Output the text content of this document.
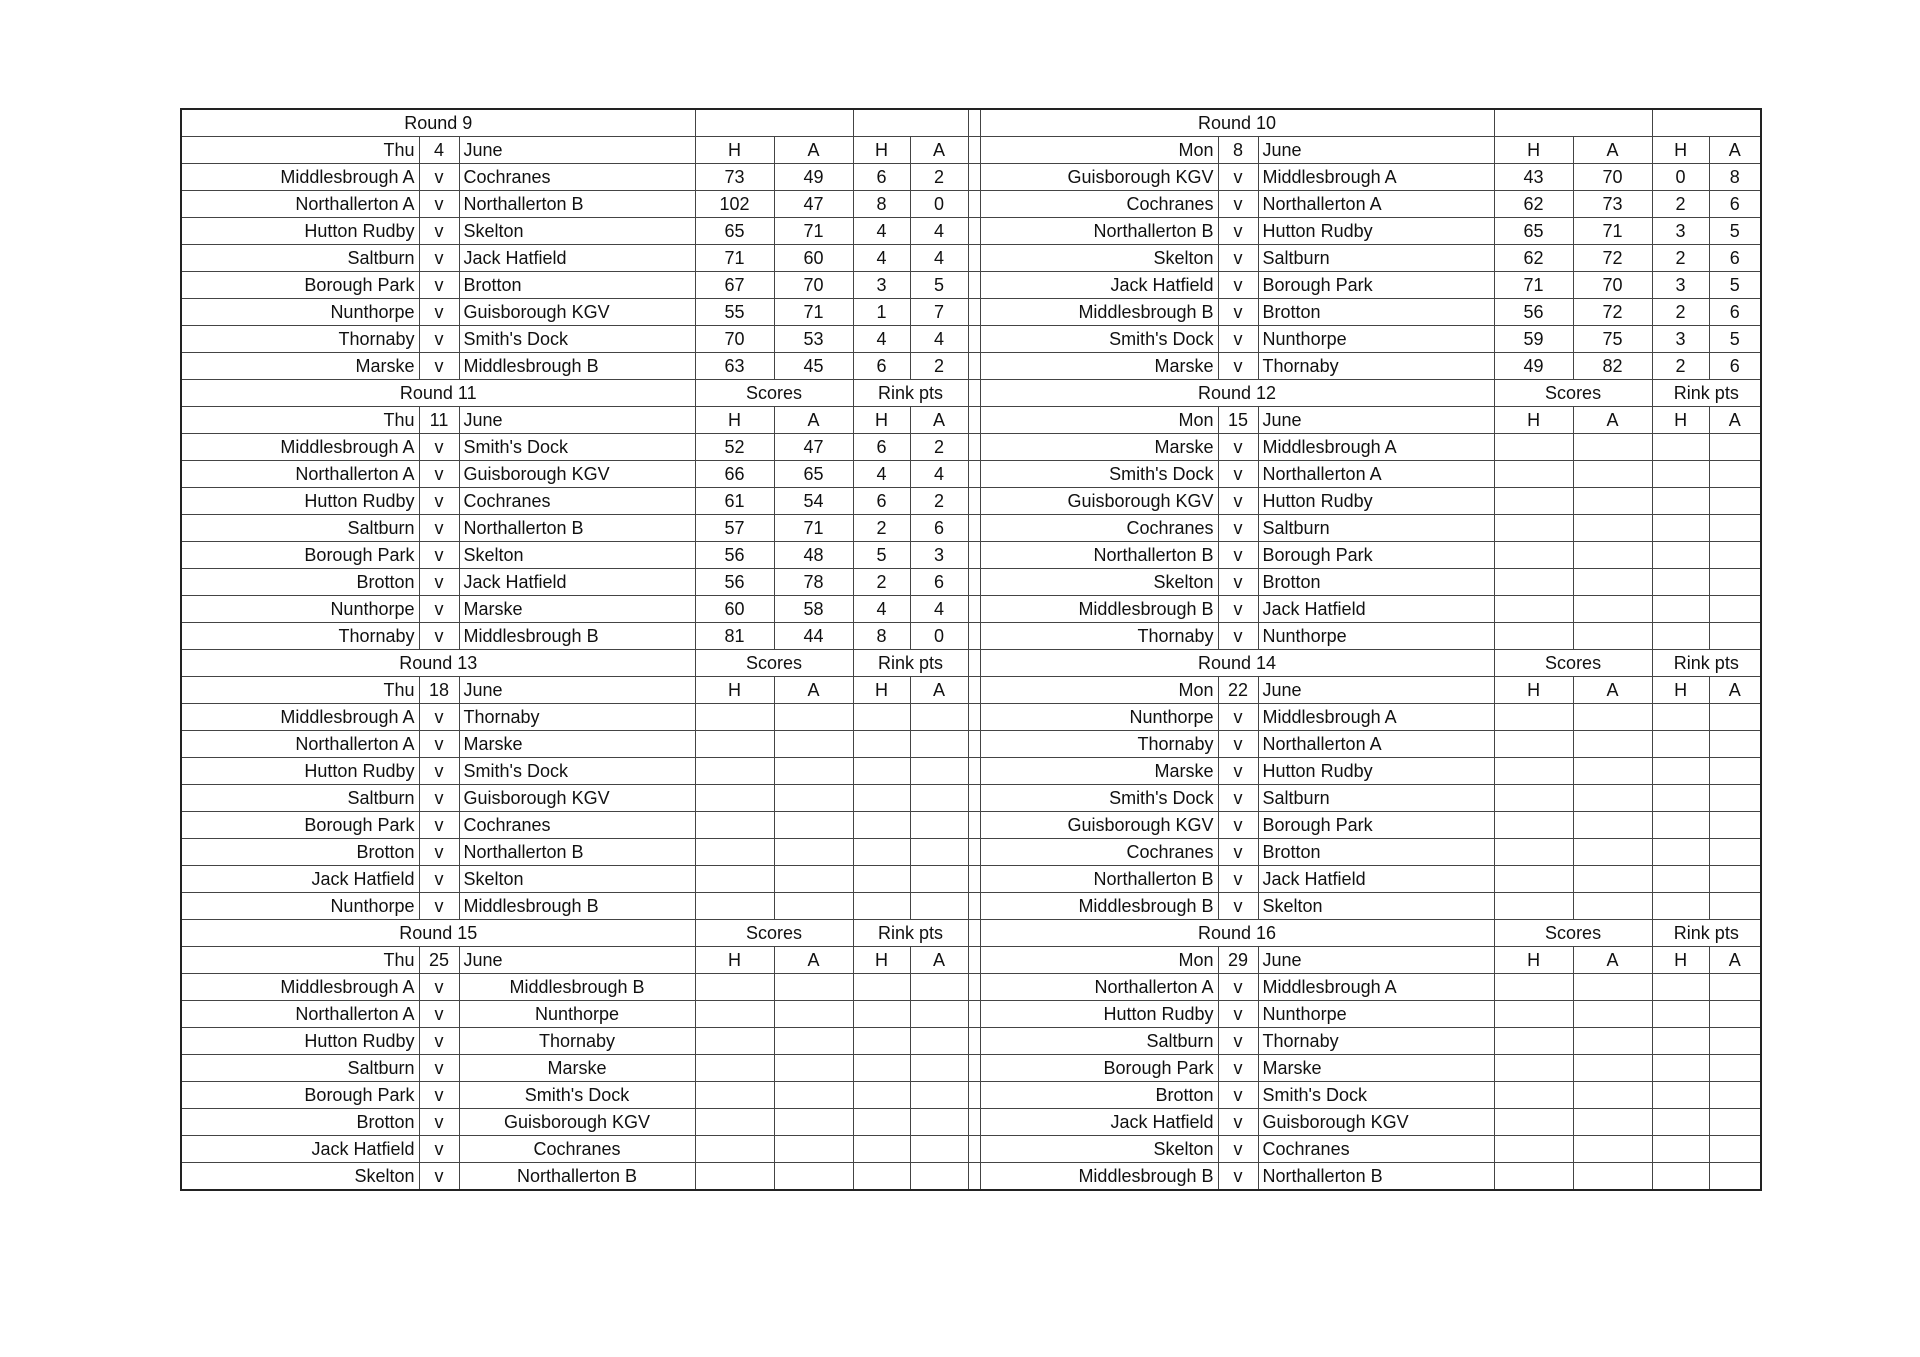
Round 9								Round 10						
Thu	4	June	H	A	H	A		Mon	8	June	H	A	H	A
Middlesbrough A	v	Cochranes	73	49	6	2		Guisborough KGV	v	Middlesbrough A	43	70	0	8
Northallerton A	v	Northallerton B	102	47	8	0		Cochranes	v	Northallerton A	62	73	2	6
Hutton Rudby	v	Skelton	65	71	4	4		Northallerton B	v	Hutton Rudby	65	71	3	5
Saltburn	v	Jack Hatfield	71	60	4	4		Skelton	v	Saltburn	62	72	2	6
Borough Park	v	Brotton	67	70	3	5		Jack Hatfield	v	Borough Park	71	70	3	5
Nunthorpe	v	Guisborough KGV	55	71	1	7		Middlesbrough B	v	Brotton	56	72	2	6
Thornaby	v	Smith's Dock	70	53	4	4		Smith's Dock	v	Nunthorpe	59	75	3	5
Marske	v	Middlesbrough B	63	45	6	2		Marske	v	Thornaby	49	82	2	6
Round 11			Scores		Rink pts			Round 12			Scores		Rink pts	
Thu	11	June	H	A	H	A		Mon	15	June	H	A	H	A
Middlesbrough A	v	Smith's Dock	52	47	6	2		Marske	v	Middlesbrough A				
Northallerton A	v	Guisborough KGV	66	65	4	4		Smith's Dock	v	Northallerton A				
Hutton Rudby	v	Cochranes	61	54	6	2		Guisborough KGV	v	Hutton Rudby				
Saltburn	v	Northallerton B	57	71	2	6		Cochranes	v	Saltburn				
Borough Park	v	Skelton	56	48	5	3		Northallerton B	v	Borough Park				
Brotton	v	Jack Hatfield	56	78	2	6		Skelton	v	Brotton				
Nunthorpe	v	Marske	60	58	4	4		Middlesbrough B	v	Jack Hatfield				
Thornaby	v	Middlesbrough B	81	44	8	0		Thornaby	v	Nunthorpe				
Round 13			Scores		Rink pts			Round 14			Scores		Rink pts	
Thu	18	June	H	A	H	A		Mon	22	June	H	A	H	A
Middlesbrough A	v	Thornaby						Nunthorpe	v	Middlesbrough A				
Northallerton A	v	Marske						Thornaby	v	Northallerton A				
Hutton Rudby	v	Smith's Dock						Marske	v	Hutton Rudby				
Saltburn	v	Guisborough KGV						Smith's Dock	v	Saltburn				
Borough Park	v	Cochranes						Guisborough KGV	v	Borough Park				
Brotton	v	Northallerton B						Cochranes	v	Brotton				
Jack Hatfield	v	Skelton						Northallerton B	v	Jack Hatfield				
Nunthorpe	v	Middlesbrough B						Middlesbrough B	v	Skelton				
Round 15			Scores		Rink pts			Round 16			Scores		Rink pts	
Thu	25	June	H	A	H	A		Mon	29	June	H	A	H	A
Middlesbrough A	v	Middlesbrough B						Northallerton A	v	Middlesbrough A				
Northallerton A	v	Nunthorpe						Hutton Rudby	v	Nunthorpe				
Hutton Rudby	v	Thornaby						Saltburn	v	Thornaby				
Saltburn	v	Marske						Borough Park	v	Marske				
Borough Park	v	Smith's Dock						Brotton	v	Smith's Dock				
Brotton	v	Guisborough KGV						Jack Hatfield	v	Guisborough KGV				
Jack Hatfield	v	Cochranes						Skelton	v	Cochranes				
Skelton	v	Northallerton B						Middlesbrough B	v	Northallerton B				
